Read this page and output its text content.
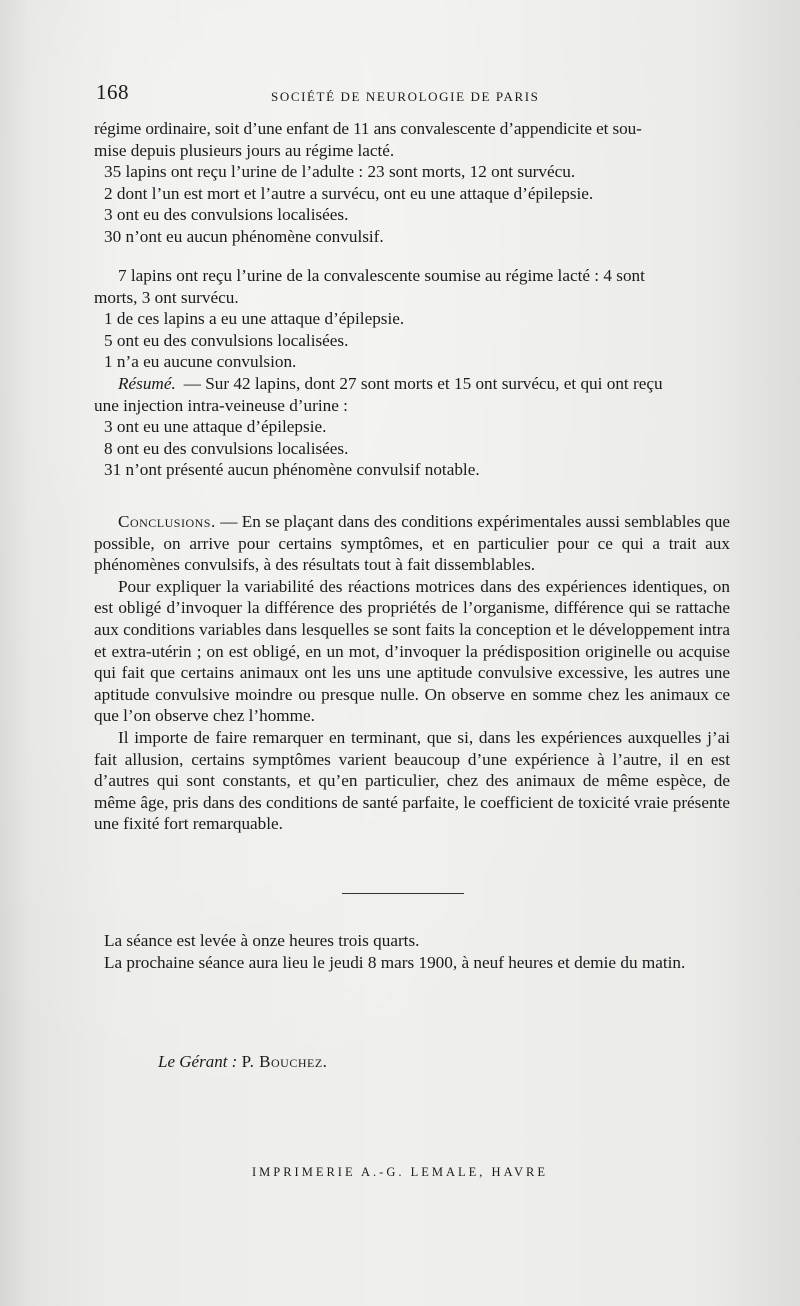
168	SOCIÉTÉ DE NEUROLOGIE DE PARIS
régime ordinaire, soit d’une enfant de 11 ans convalescente d’appendicite et sou-
mise depuis plusieurs jours au régime lacté.
35 lapins ont reçu l’urine de l’adulte : 23 sont morts, 12 ont survécu.
2 dont l’un est mort et l’autre a survécu, ont eu une attaque d’épilepsie.
3 ont eu des convulsions localisées.
30 n’ont eu aucun phénomène convulsif.
7 lapins ont reçu l’urine de la convalescente soumise au régime lacté : 4 sont
morts, 3 ont survécu.
1 de ces lapins a eu une attaque d’épilepsie.
5 ont eu des convulsions localisées.
1 n’a eu aucune convulsion.
Résumé. — Sur 42 lapins, dont 27 sont morts et 15 ont survécu, et qui ont reçu
une injection intra-veineuse d’urine :
3 ont eu une attaque d’épilepsie.
8 ont eu des convulsions localisées.
31 n’ont présenté aucun phénomène convulsif notable.

Conclusions. — En se plaçant dans des conditions expérimentales aussi semblables que possible, on arrive pour certains symptômes, et en particulier pour ce qui a trait aux phénomènes convulsifs, à des résultats tout à fait dissemblables.

Pour expliquer la variabilité des réactions motrices dans des expériences identiques, on est obligé d’invoquer la différence des propriétés de l’organisme, différence qui se rattache aux conditions variables dans lesquelles se sont faits la conception et le développement intra et extra-utérin ; on est obligé, en un mot, d’invoquer la prédisposition originelle ou acquise qui fait que certains animaux ont les uns une aptitude convulsive excessive, les autres une aptitude convulsive moindre ou presque nulle. On observe en somme chez les animaux ce que l’on observe chez l’homme.

Il importe de faire remarquer en terminant, que si, dans les expériences auxquelles j’ai fait allusion, certains symptômes varient beaucoup d’une expérience à l’autre, il en est d’autres qui sont constants, et qu’en particulier, chez des animaux de même espèce, de même âge, pris dans des conditions de santé parfaite, le coefficient de toxicité vraie présente une fixité fort remarquable.

La séance est levée à onze heures trois quarts.

La prochaine séance aura lieu le jeudi 8 mars 1900, à neuf heures et demie du matin.

Le Gérant : P. Bouchez.
IMPRIMERIE A.-G. LEMALE, HAVRE
